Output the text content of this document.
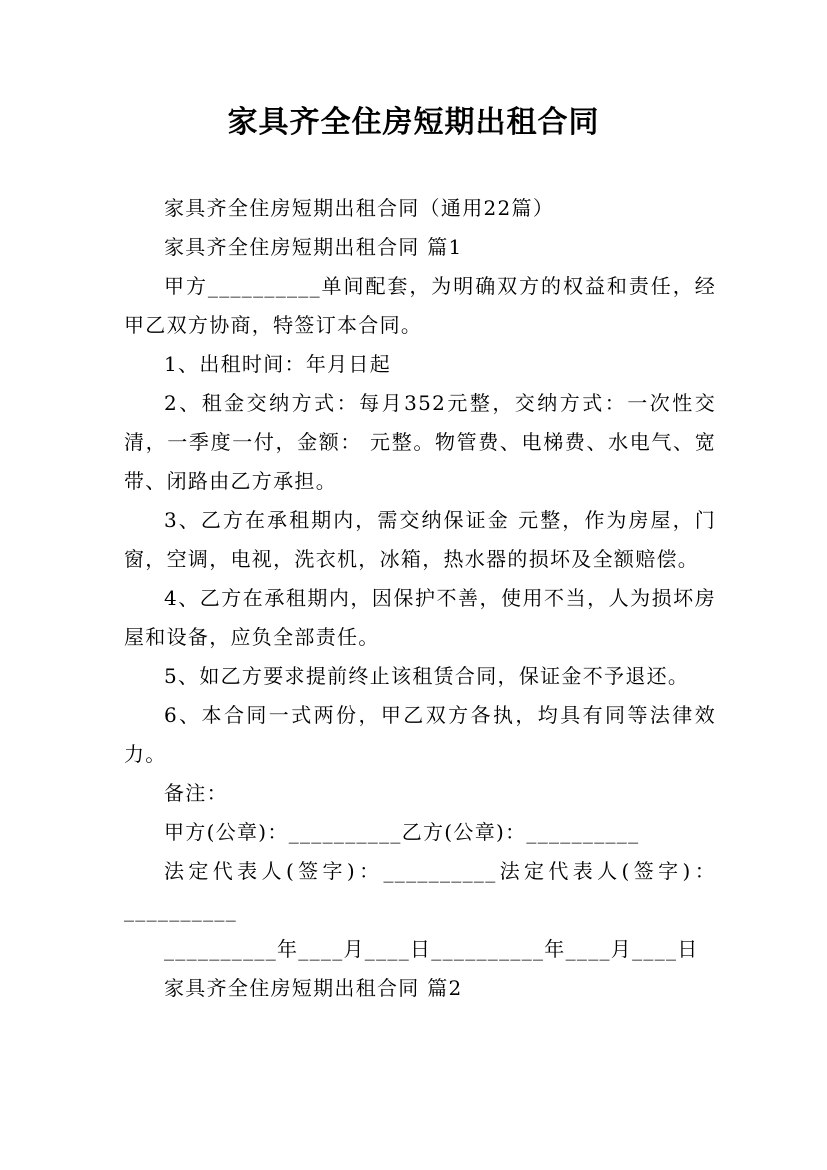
家具齐全住房短期出租合同

家具齐全住房短期出租合同（通用22篇）

家具齐全住房短期出租合同 篇1

甲方__________单间配套，为明确双方的权益和责任，经甲乙双方协商，特签订本合同。

1、出租时间：年月日起

2、租金交纳方式：每月352元整，交纳方式：一次性交清，一季度一付，金额： 元整。物管费、电梯费、水电气、宽带、闭路由乙方承担。

3、乙方在承租期内，需交纳保证金 元整，作为房屋，门窗，空调，电视，洗衣机，冰箱，热水器的损坏及全额赔偿。

4、乙方在承租期内，因保护不善，使用不当，人为损坏房屋和设备，应负全部责任。

5、如乙方要求提前终止该租赁合同，保证金不予退还。

6、本合同一式两份，甲乙双方各执，均具有同等法律效力。

备注：

甲方(公章)：__________乙方(公章)：__________

法定代表人(签字)：__________法定代表人(签字)：__________

__________年____月____日__________年____月____日

家具齐全住房短期出租合同 篇2
